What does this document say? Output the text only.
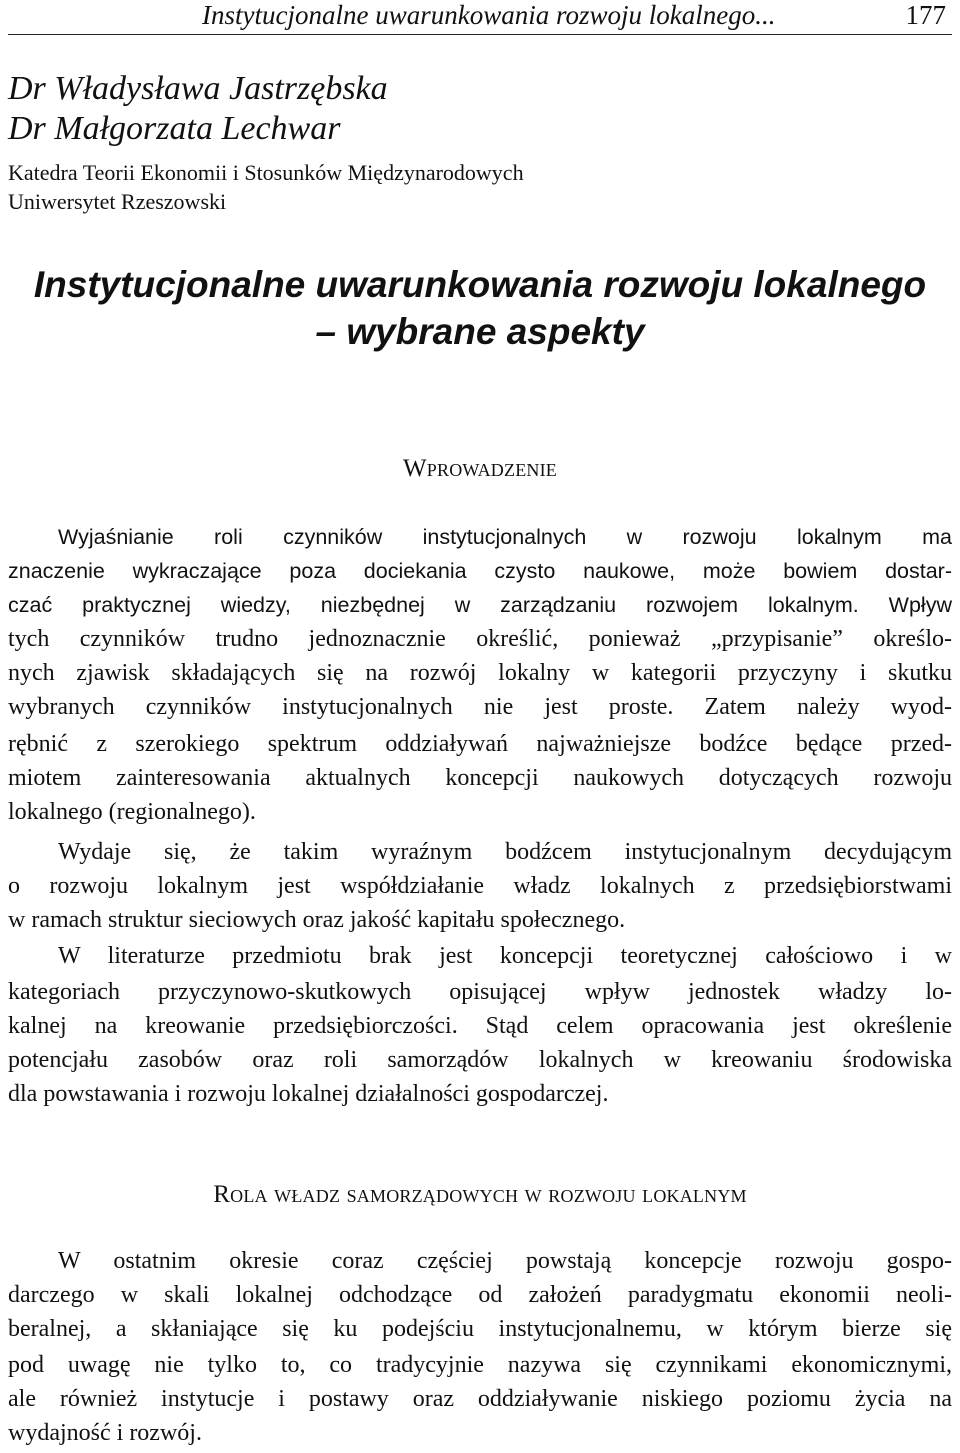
Instytucjonalne uwarunkowania rozwoju lokalnego...	177
Dr Władysława Jastrzębska
Dr Małgorzata Lechwar
Katedra Teorii Ekonomii i Stosunków Międzynarodowych
Uniwersytet Rzeszowski
Instytucjonalne uwarunkowania rozwoju lokalnego
– wybrane aspekty
Wprowadzenie
Wyjaśnianie roli czynników instytucjonalnych w rozwoju lokalnym ma
znaczenie wykraczające poza dociekania czysto naukowe, może bowiem dostar-
czać praktycznej wiedzy, niezbędnej w zarządzaniu rozwojem lokalnym. Wpływ
tych czynników trudno jednoznacznie określić, ponieważ „przypisanie” określo-
nych zjawisk składających się na rozwój lokalny w kategorii przyczyny i skutku
wybranych czynników instytucjonalnych nie jest proste. Zatem należy wyod-
rębnić z szerokiego spektrum oddziaływań najważniejsze bodźce będące przed-
miotem zainteresowania aktualnych koncepcji naukowych dotyczących rozwoju
lokalnego (regionalnego).
Wydaje się, że takim wyraźnym bodźcem instytucjonalnym decydującym
o rozwoju lokalnym jest współdziałanie władz lokalnych z przedsiębiorstwami
w ramach struktur sieciowych oraz jakość kapitału społecznego.
W literaturze przedmiotu brak jest koncepcji teoretycznej całościowo i w
kategoriach przyczynowo-skutkowych opisującej wpływ jednostek władzy lo-
kalnej na kreowanie przedsiębiorczości. Stąd celem opracowania jest określenie
potencjału zasobów oraz roli samorządów lokalnych w kreowaniu środowiska
dla powstawania i rozwoju lokalnej działalności gospodarczej.
Rola władz samorządowych w rozwoju lokalnym
W ostatnim okresie coraz częściej powstają koncepcje rozwoju gospo-
darczego w skali lokalnej odchodzące od założeń paradygmatu ekonomii neoli-
beralnej, a skłaniające się ku podejściu instytucjonalnemu, w którym bierze się
pod uwagę nie tylko to, co tradycyjnie nazywa się czynnikami ekonomicznymi,
ale również instytucje i postawy oraz oddziaływanie niskiego poziomu życia na
wydajność i rozwój.
